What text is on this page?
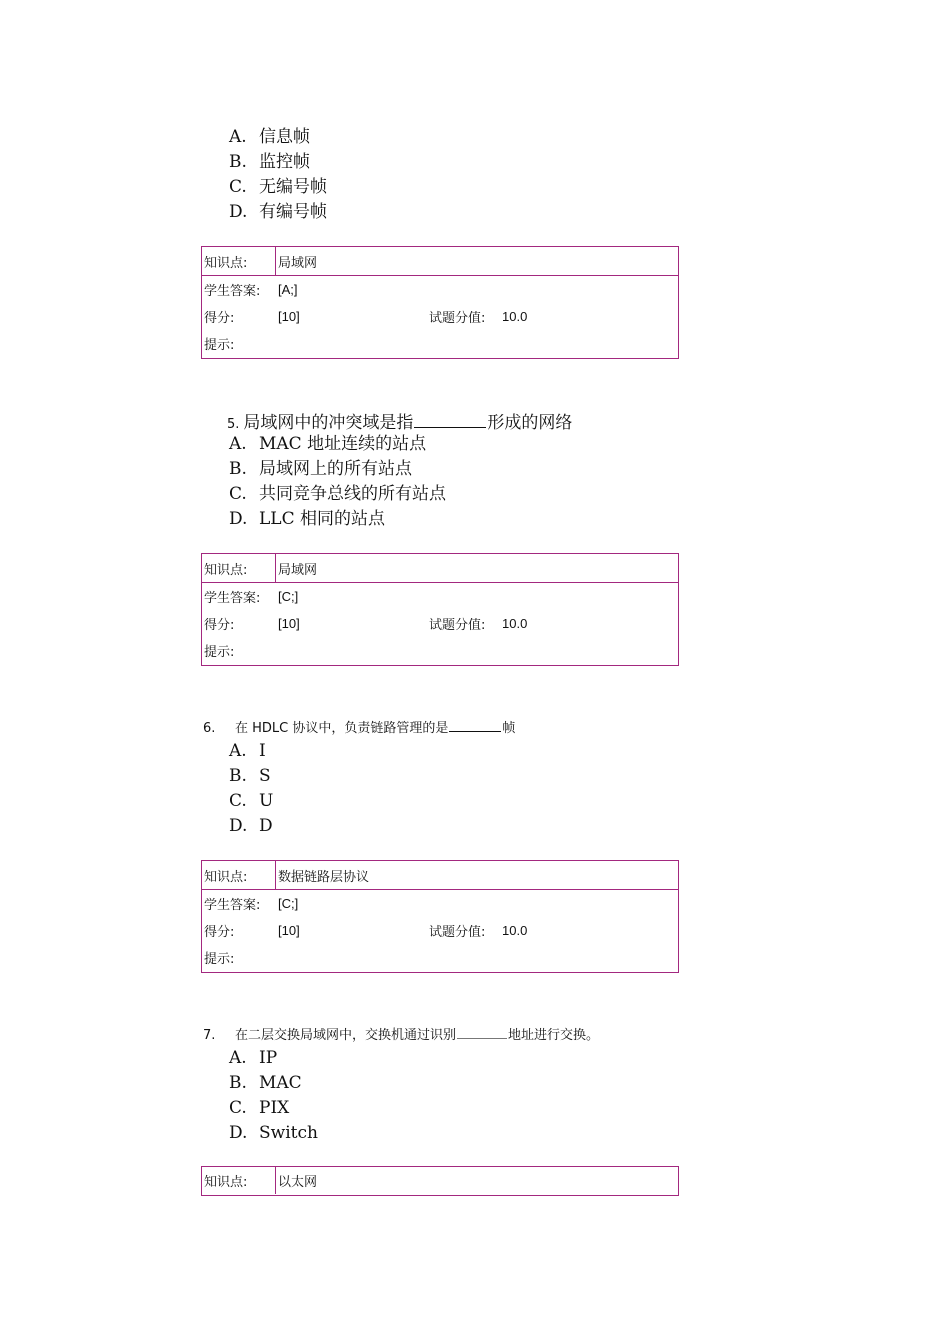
A. 信息帧
B. 监控帧
C. 无编号帧
D. 有编号帧
知识点:	局域网
学生答案:	[A;]
得分:	[10]	试题分值: 10.0
提示:
5. 局域网中的冲突域是指	形成的网络
A. MAC 地址连续的站点
B. 局域网上的所有站点
C. 共同竞争总线的所有站点
D. LLC 相同的站点
知识点:	局域网
学生答案:	[C;]
得分:	[10]	试题分值: 10.0
提示:
6. 在 HDLC 协议中，负责链路管理的是	帧
A. I
B. S
C. U
D. D
知识点:	数据链路层协议
学生答案:	[C;]
得分:	[10]	试题分值: 10.0
提示:
7. 在二层交换局域网中，交换机通过识别	地址进行交换。
A. IP
B. MAC
C. PIX
D. Switch
知识点:	以太网
